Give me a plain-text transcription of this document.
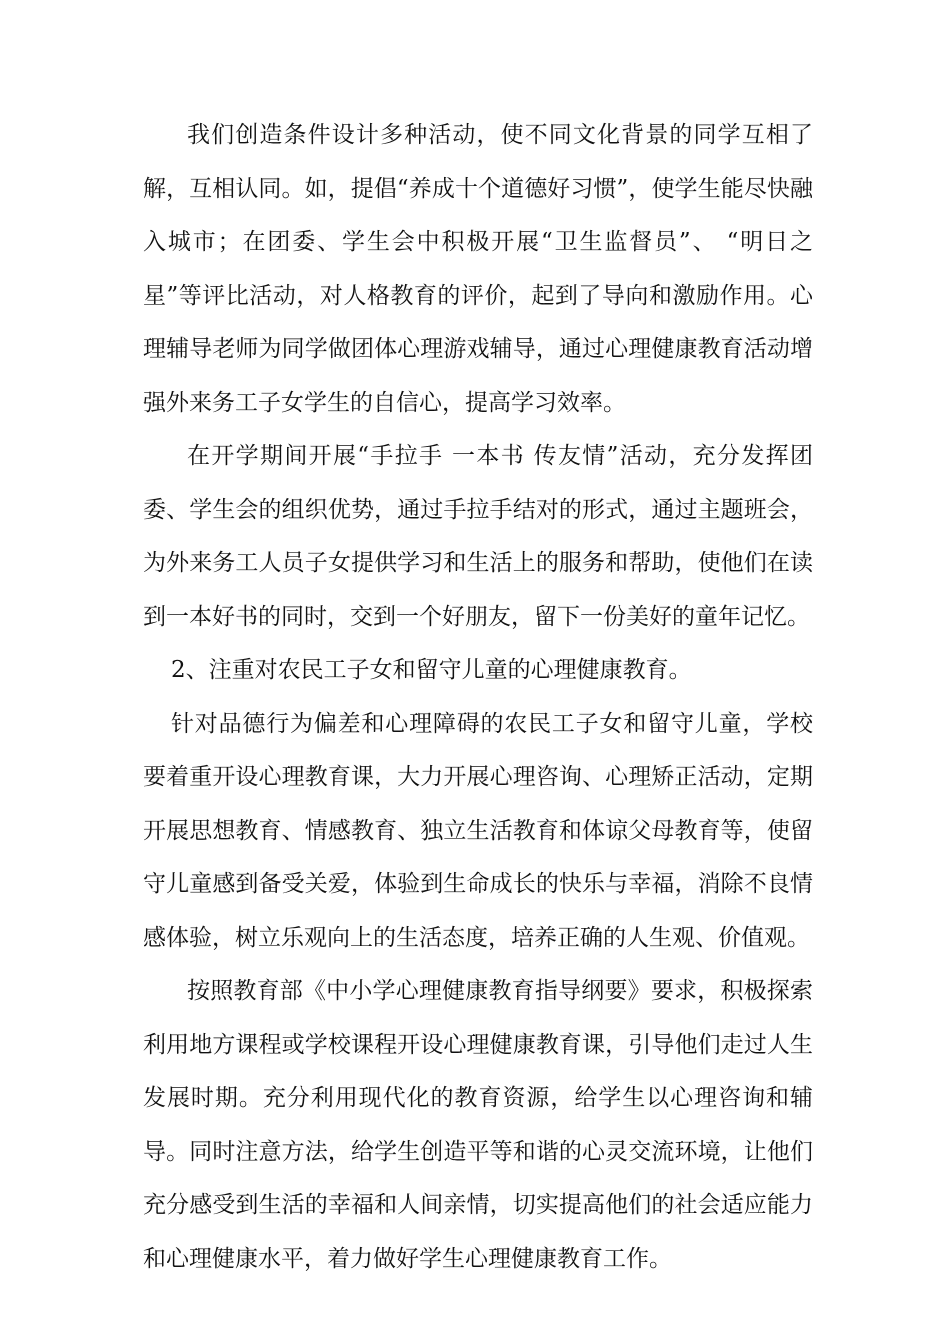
我们创造条件设计多种活动，使不同文化背景的同学互相了解，互相认同。如，提倡“养成十个道德好习惯”，使学生能尽快融入城市；在团委、学生会中积极开展“卫生监督员”、 “明日之星”等评比活动，对人格教育的评价，起到了导向和激励作用。心理辅导老师为同学做团体心理游戏辅导，通过心理健康教育活动增强外来务工子女学生的自信心，提高学习效率。

在开学期间开展“手拉手 一本书 传友情”活动，充分发挥团委、学生会的组织优势，通过手拉手结对的形式，通过主题班会，为外来务工人员子女提供学习和生活上的服务和帮助，使他们在读到一本好书的同时，交到一个好朋友，留下一份美好的童年记忆。

2、注重对农民工子女和留守儿童的心理健康教育。

针对品德行为偏差和心理障碍的农民工子女和留守儿童，学校要着重开设心理教育课，大力开展心理咨询、心理矫正活动，定期开展思想教育、情感教育、独立生活教育和体谅父母教育等，使留守儿童感到备受关爱，体验到生命成长的快乐与幸福，消除不良情感体验，树立乐观向上的生活态度，培养正确的人生观、价值观。

按照教育部《中小学心理健康教育指导纲要》要求，积极探索利用地方课程或学校课程开设心理健康教育课，引导他们走过人生发展时期。充分利用现代化的教育资源，给学生以心理咨询和辅导。同时注意方法，给学生创造平等和谐的心灵交流环境，让他们充分感受到生活的幸福和人间亲情，切实提高他们的社会适应能力和心理健康水平，着力做好学生心理健康教育工作。
